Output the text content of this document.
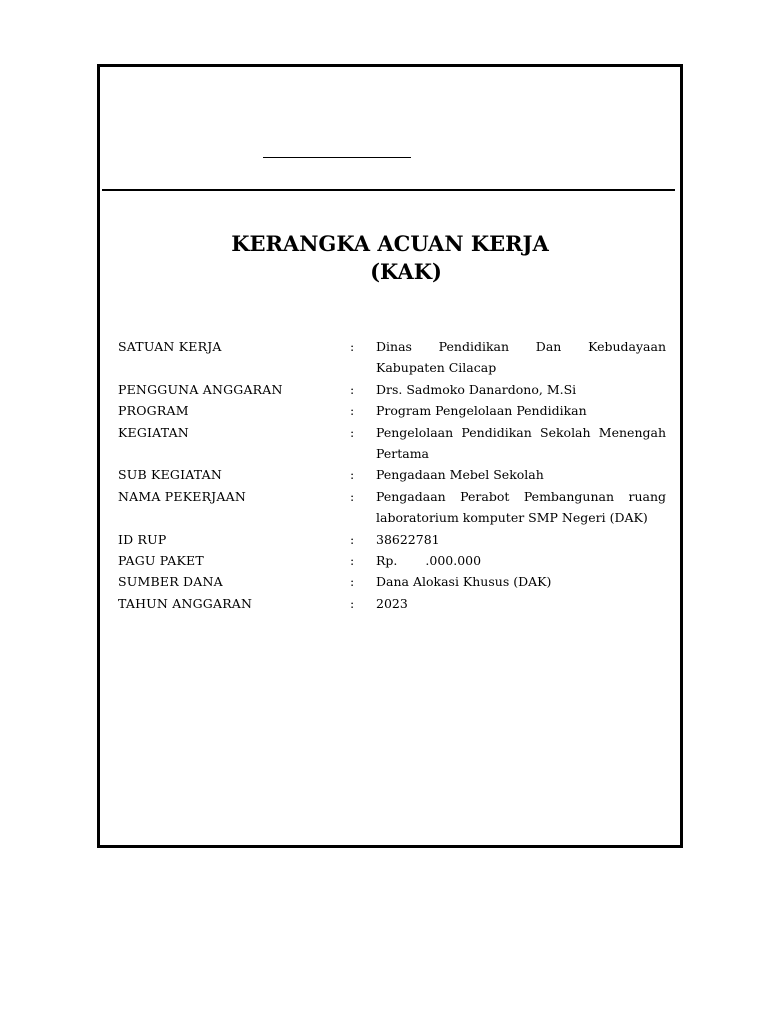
KERANGKA ACUAN KERJA
(KAK)
SATUAN KERJA	:	Dinas Pendidikan Dan Kebudayaan Kabupaten Cilacap
PENGGUNA ANGGARAN	:	Drs. Sadmoko Danardono, M.Si
PROGRAM	:	Program Pengelolaan Pendidikan
KEGIATAN	:	Pengelolaan Pendidikan Sekolah Menengah Pertama
SUB KEGIATAN	:	Pengadaan Mebel Sekolah
NAMA PEKERJAAN	:	Pengadaan Perabot Pembangunan ruang laboratorium komputer SMP Negeri (DAK)
ID RUP	:	38622781
PAGU PAKET	:	Rp. .000.000
SUMBER DANA	:	Dana Alokasi Khusus (DAK)
TAHUN ANGGARAN	:	2023
